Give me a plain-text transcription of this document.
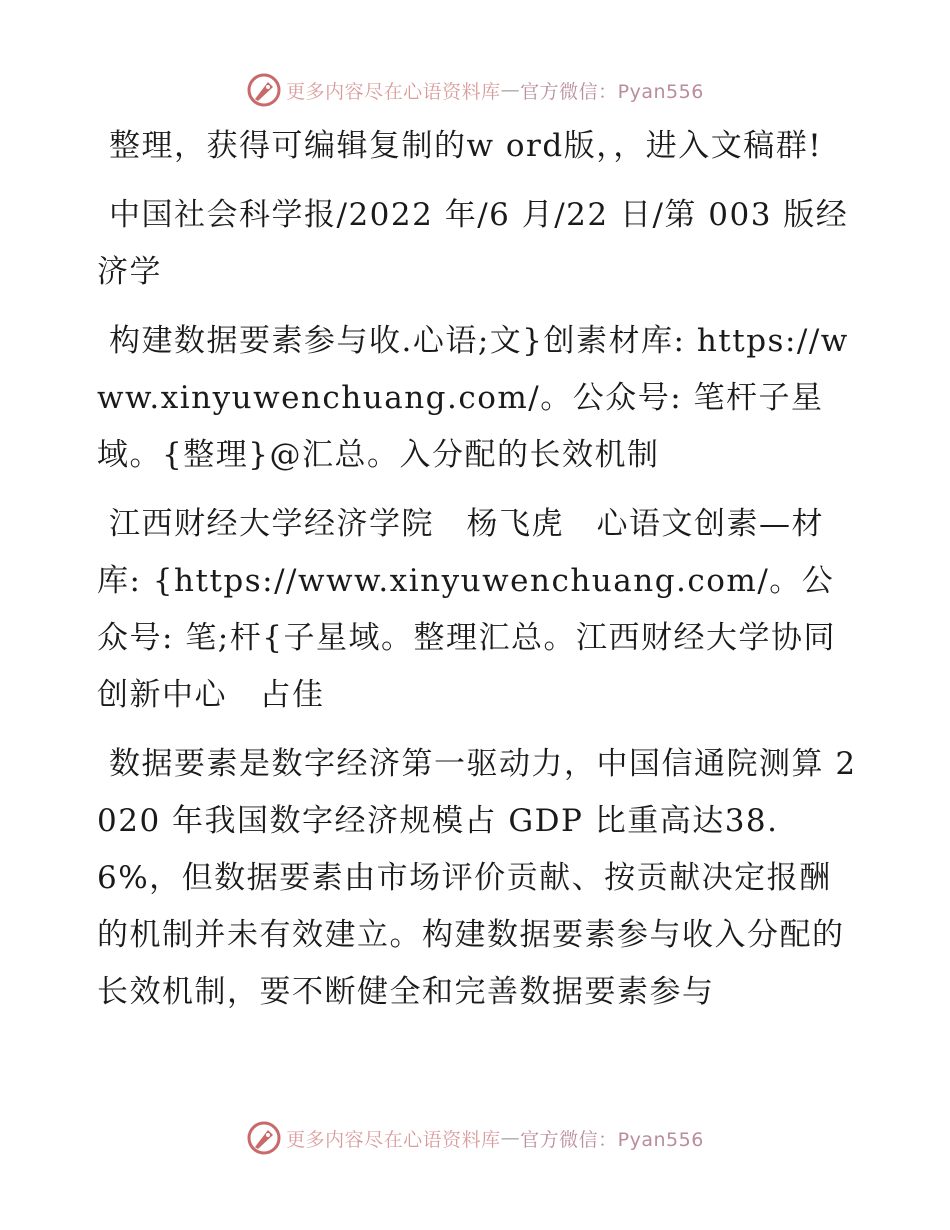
更多内容尽在心语资料库 — 官方微信：Pyan556

整理，获得可编辑复制的w ord版，，进入文稿群!

中国社会科学报/2022 年/6 月/22 日/第 003 版经济学

构建数据要素参与收.心语;文}创素材库: https://www.xinyuwenchuang.com/。公众号: 笔杆子星域。{整理}@汇总。入分配的长效机制

江西财经大学经济学院　杨飞虎　心语文创素—材库: {https://www.xinyuwenchuang.com/。公众号: 笔;杆{子星域。整理汇总。江西财经大学协同创新中心　占佳

数据要素是数字经济第一驱动力，中国信通院测算 2020 年我国数字经济规模占 GDP 比重高达38.6%，但数据要素由市场评价贡献、按贡献决定报酬的机制并未有效建立。构建数据要素参与收入分配的长效机制，要不断健全和完善数据要素参与

更多内容尽在心语资料库 — 官方微信：Pyan556
